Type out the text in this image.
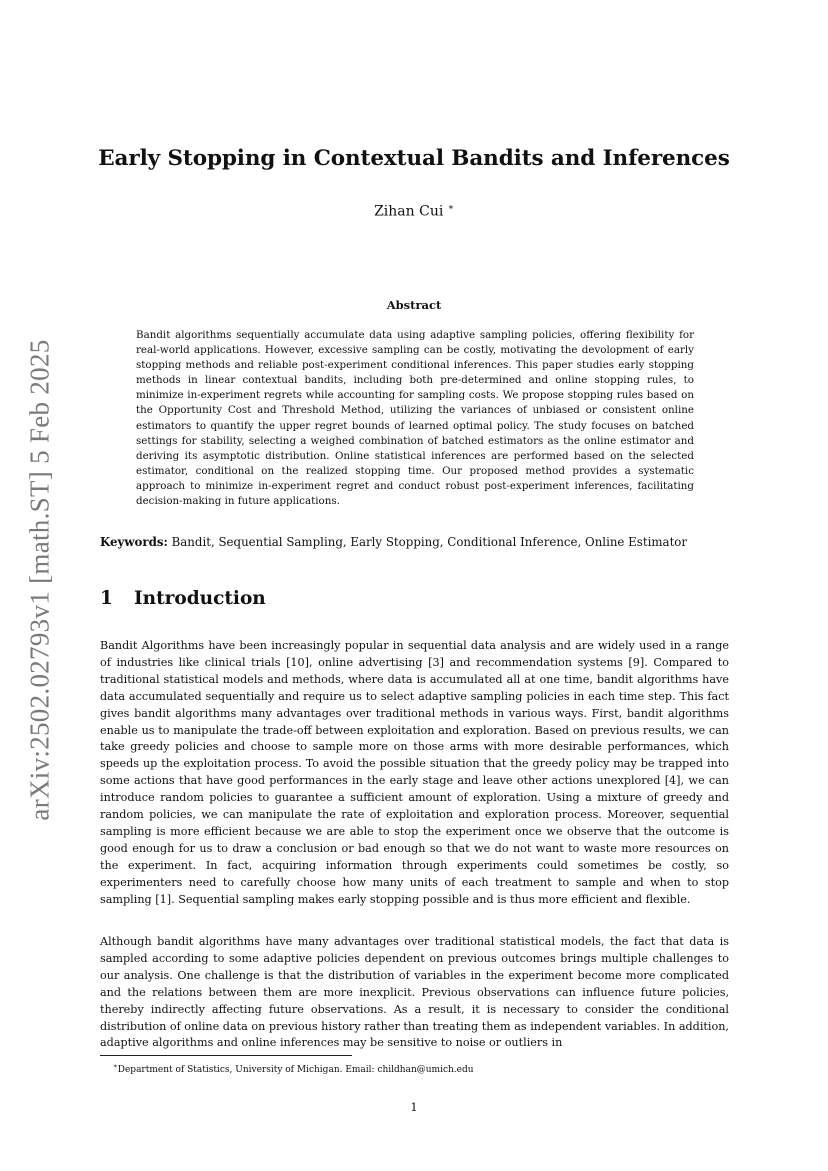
arXiv:2502.02793v1 [math.ST] 5 Feb 2025
Early Stopping in Contextual Bandits and Inferences
Zihan Cui ∗
Abstract
Bandit algorithms sequentially accumulate data using adaptive sampling policies, offering flexibility for real-world applications. However, excessive sampling can be costly, motivating the devolopment of early stopping methods and reliable post-experiment conditional inferences. This paper studies early stopping methods in linear contextual bandits, including both pre-determined and online stopping rules, to minimize in-experiment regrets while accounting for sampling costs. We propose stopping rules based on the Opportunity Cost and Threshold Method, utilizing the variances of unbiased or consistent online estimators to quantify the upper regret bounds of learned optimal policy. The study focuses on batched settings for stability, selecting a weighed combination of batched estimators as the online estimator and deriving its asymptotic distribution. Online statistical inferences are performed based on the selected estimator, conditional on the realized stopping time. Our proposed method provides a systematic approach to minimize in-experiment regret and conduct robust post-experiment inferences, facilitating decision-making in future applications.
Keywords: Bandit, Sequential Sampling, Early Stopping, Conditional Inference, Online Estimator
1 Introduction
Bandit Algorithms have been increasingly popular in sequential data analysis and are widely used in a range of industries like clinical trials [10], online advertising [3] and recommendation systems [9]. Compared to traditional statistical models and methods, where data is accumulated all at one time, bandit algorithms have data accumulated sequentially and require us to select adaptive sampling policies in each time step. This fact gives bandit algorithms many advantages over traditional methods in various ways. First, bandit algorithms enable us to manipulate the trade-off between exploitation and exploration. Based on previous results, we can take greedy policies and choose to sample more on those arms with more desirable performances, which speeds up the exploitation process. To avoid the possible situation that the greedy policy may be trapped into some actions that have good performances in the early stage and leave other actions unexplored [4], we can introduce random policies to guarantee a sufficient amount of exploration. Using a mixture of greedy and random policies, we can manipulate the rate of exploitation and exploration process. Moreover, sequential sampling is more efficient because we are able to stop the experiment once we observe that the outcome is good enough for us to draw a conclusion or bad enough so that we do not want to waste more resources on the experiment. In fact, acquiring information through experiments could sometimes be costly, so experimenters need to carefully choose how many units of each treatment to sample and when to stop sampling [1]. Sequential sampling makes early stopping possible and is thus more efficient and flexible.
Although bandit algorithms have many advantages over traditional statistical models, the fact that data is sampled according to some adaptive policies dependent on previous outcomes brings multiple challenges to our analysis. One challenge is that the distribution of variables in the experiment become more complicated and the relations between them are more inexplicit. Previous observations can influence future policies, thereby indirectly affecting future observations. As a result, it is necessary to consider the conditional distribution of online data on previous history rather than treating them as independent variables. In addition, adaptive algorithms and online inferences may be sensitive to noise or outliers in
∗Department of Statistics, University of Michigan. Email: childhan@umich.edu
1
